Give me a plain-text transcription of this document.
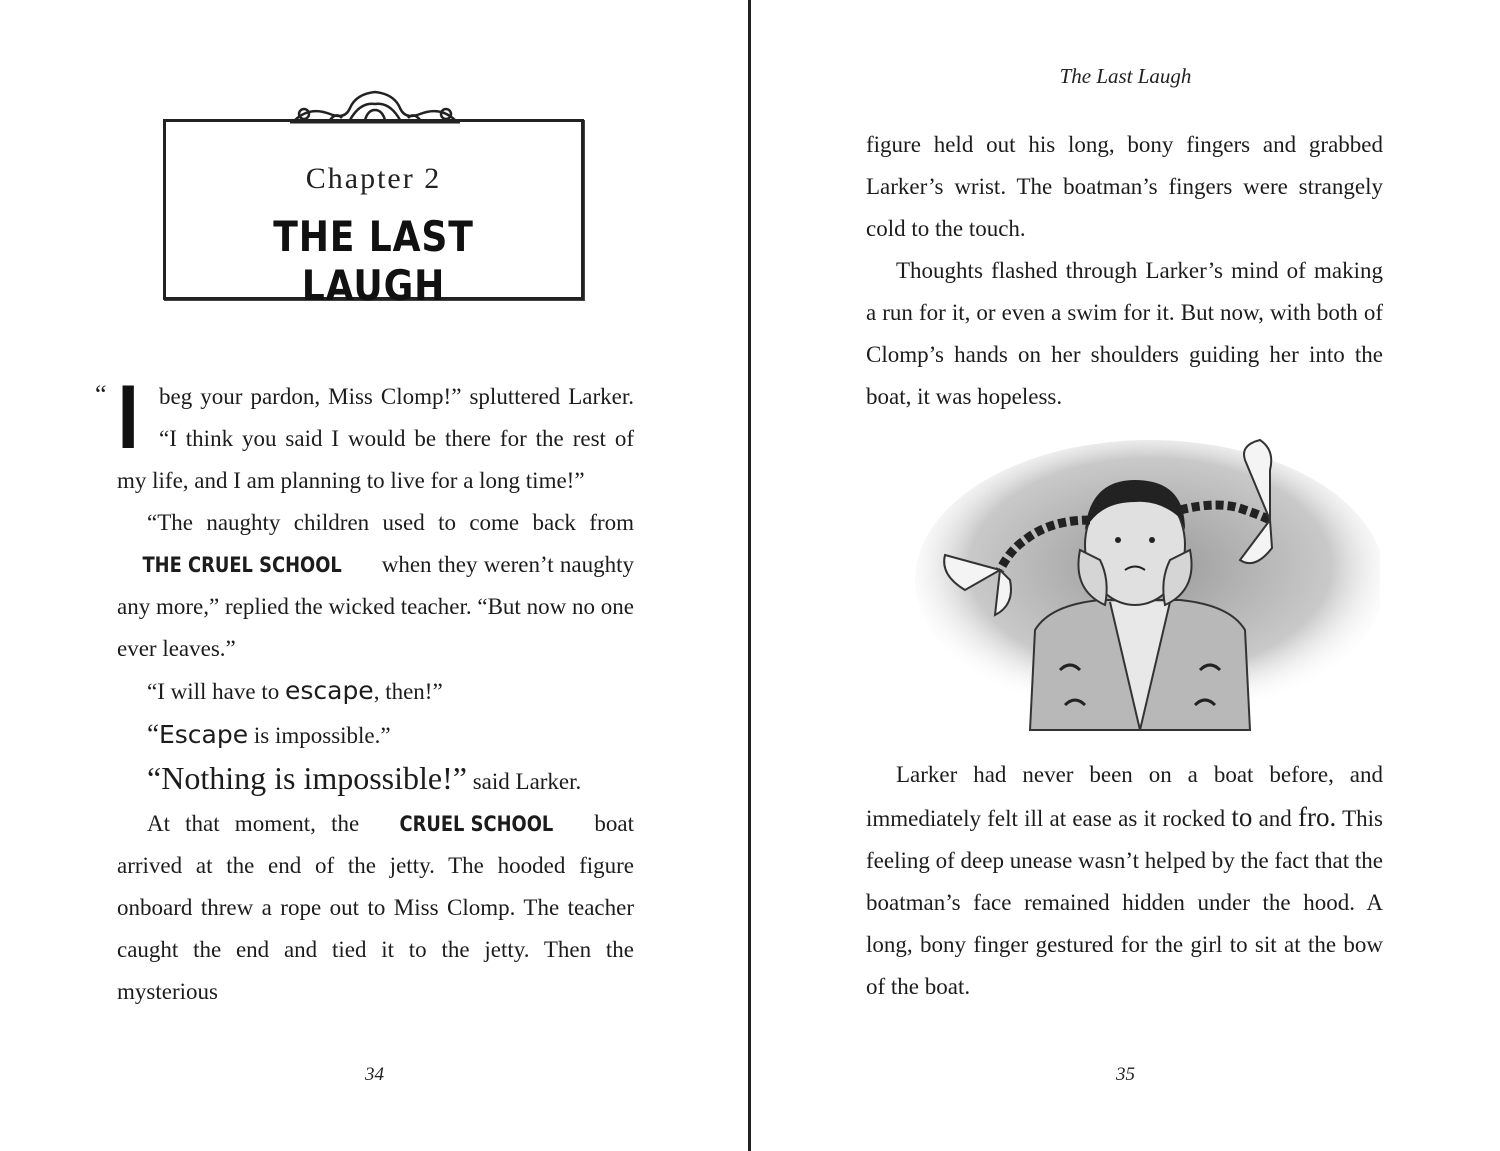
Chapter 2
THE LAST LAUGH

“ I beg your pardon, Miss Clomp!” spluttered Larker. “I think you said I would be there for the rest of my life, and I am planning to live for a long time!”

“The naughty children used to come back from THE CRUEL SCHOOL when they weren’t naughty any more,” replied the wicked teacher. “But now no one ever leaves.”

“I will have to escape, then!”

“Escape is impossible.”

“Nothing is impossible!” said Larker.

At that moment, the CRUEL SCHOOL boat arrived at the end of the jetty. The hooded figure onboard threw a rope out to Miss Clomp. The teacher caught the end and tied it to the jetty. Then the mysterious

34
The Last Laugh
35

figure held out his long, bony fingers and grabbed Larker’s wrist. The boatman’s fingers were strangely cold to the touch.

Thoughts flashed through Larker’s mind of making a run for it, or even a swim for it. But now, with both of Clomp’s hands on her shoulders guiding her into the boat, it was hopeless.

Larker had never been on a boat before, and immediately felt ill at ease as it rocked to and fro. This feeling of deep unease wasn’t helped by the fact that the boatman’s face remained hidden under the hood. A long, bony finger gestured for the girl to sit at the bow of the boat.
